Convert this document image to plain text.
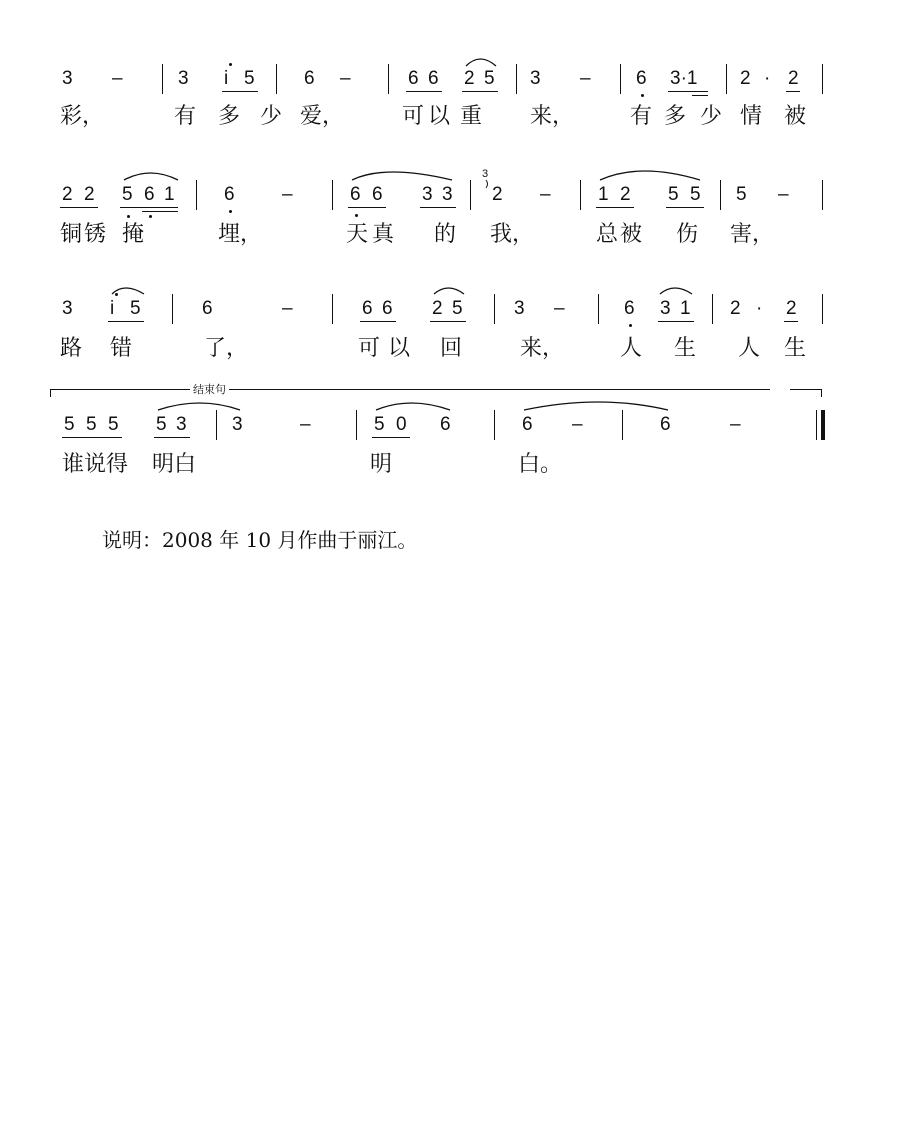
3 –	3 i 5	6 –	6 6 2 5 3 – 6 3·1 2 · 2
彩，	有 多 少 爱，	可 以 重 来，	有 多 少 情 被
2 2 5 6 1	6 –	6 6 3 3
3
2 – 1 2 5 5 5 –
铜 锈 掩	埋，	天 真 的 我，	总 被 伤 害，
3 i 5	6	–	6 6 2 5	3 –	6 3 1 2 · 2
路 错	了，	可 以 回	来，	人 生 人 生
结束句
5 5 5 5 3 3	–	5 0 6	6 –	6	–
谁 说 得 明 白	明	白。
说明：2008 年 10 月作曲于丽江。
